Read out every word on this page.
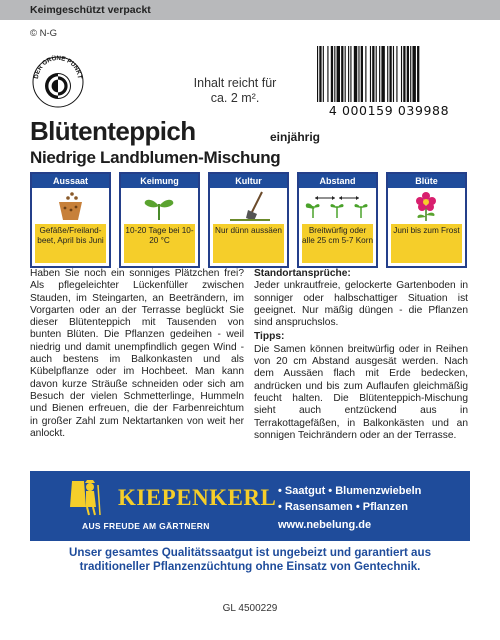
Keimgeschützt verpackt
© N-G
DER GRÜNE PUNKT	Inhalt reicht für
ca. 2 m².
4 000159 039988
Blütenteppich	einjährig
Niedrige Landblumen-Mischung
Aussaat
Gefäße/Freiland-beet, April bis Juni
Keimung
10-20 Tage bei 10-20 °C
Kultur
Nur dünn aussäen
Abstand
Breitwürfig oder alle 25 cm 5-7 Korn
Blüte
Juni bis zum Frost

Haben Sie noch ein sonniges Plätzchen frei? Als pflegeleichter Lückenfüller zwischen Stauden, im Steingarten, an Beeträndern, im Vorgarten oder an der Terrasse beglückt Sie dieser Blütenteppich mit Tausenden von bunten Blüten. Die Pflanzen gedeihen - weil niedrig und damit unempfindlich gegen Wind - auch bestens im Balkonkasten und als Kübelpflanze oder im Hochbeet. Man kann davon kurze Sträuße schneiden oder sich am Besuch der vielen Schmetterlinge, Hummeln und Bienen erfreuen, die der Farbenreichtum in großer Zahl zum Nektartanken von weit her anlockt.

Standortansprüche:

Jeder unkrautfreie, gelockerte Gartenboden in sonniger oder halbschattiger Situation ist geeignet. Nur mäßig düngen - die Pflanzen sind anspruchslos.

Tipps:

Die Samen können breitwürfig oder in Reihen von 20 cm Abstand ausgesät werden. Nach dem Aussäen flach mit Erde bedecken, andrücken und bis zum Auflaufen gleichmäßig feucht halten. Die Blütenteppich-Mischung sieht auch entzückend aus in Terrakottagefäßen, in Balkonkästen und an sonnigen Teichrändern oder an der Terrasse.

KIEPENKERL
AUS FREUDE AM GÄRTNERN
• Saatgut • Blumenzwiebeln
• Rasensamen • Pflanzen
www.nebelung.de
Unser gesamtes Qualitätssaatgut ist ungebeizt und garantiert aus
traditioneller Pflanzenzüchtung ohne Einsatz von Gentechnik.
GL 4500229
